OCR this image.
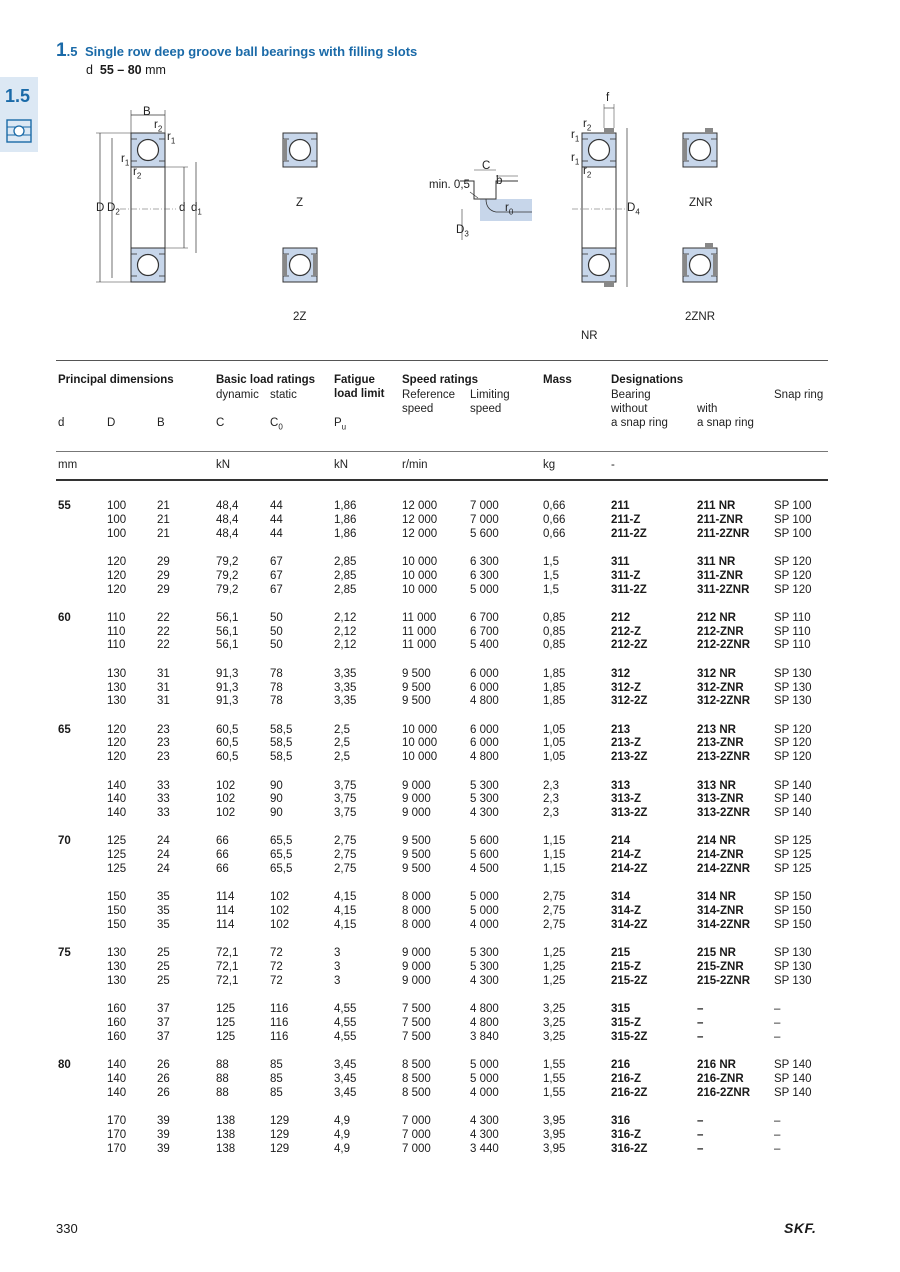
1.5 Single row deep groove ball bearings with filling slots
d 55 – 80 mm
1.5
B
$r_2$
$r_1$
$r_1$
$r_2$
D $D_2$	d $d_1$
Z
2Z
C
b
min. 0,5
$r_0$
$D_3$
f
$r_2$
$r_1$
$r_1$
$r_2$
$D_4$
ZNR
2ZNR
NR
Principal dimensions	Basic load ratings
dynamic static
Fatigue
load limit
Speed ratings
Reference
speed
Limiting
speed
Mass	Designations
Bearing
without
a snap ring
with
a snap ring
Snap ring
d	D	B	C	$C_0$	$P_u$
mm	kN	kN	r/min	kg	-
55	100	21	48,4	44	1,86	12 000	7 000	0,66	211	211 NR	SP 100
100	21	48,4	44	1,86	12 000	7 000	0,66	211-Z	211-ZNR	SP 100
100	21	48,4	44	1,86	12 000	5 600	0,66	211-2Z	211-2ZNR SP 100
120	29	79,2	67	2,85	10 000	6 300	1,5	311	311 NR	SP 120
120	29	79,2	67	2,85	10 000	6 300	1,5	311-Z	311-ZNR	SP 120
120	29	79,2	67	2,85	10 000	5 000	1,5	311-2Z	311-2ZNR SP 120
60	110	22	56,1	50	2,12	11 000	6 700	0,85	212	212 NR	SP 110
110	22	56,1	50	2,12	11 000	6 700	0,85	212-Z	212-ZNR	SP 110
110	22	56,1	50	2,12	11 000	5 400	0,85	212-2Z	212-2ZNR SP 110
130	31	91,3	78	3,35	9 500	6 000	1,85	312	312 NR	SP 130
130	31	91,3	78	3,35	9 500	6 000	1,85	312-Z	312-ZNR	SP 130
130	31	91,3	78	3,35	9 500	4 800	1,85	312-2Z	312-2ZNR SP 130
65	120	23	60,5	58,5	2,5	10 000	6 000	1,05	213	213 NR	SP 120
120	23	60,5	58,5	2,5	10 000	6 000	1,05	213-Z	213-ZNR	SP 120
120	23	60,5	58,5	2,5	10 000	4 800	1,05	213-2Z	213-2ZNR SP 120
140	33	102	90	3,75	9 000	5 300	2,3	313	313 NR	SP 140
140	33	102	90	3,75	9 000	5 300	2,3	313-Z	313-ZNR	SP 140
140	33	102	90	3,75	9 000	4 300	2,3	313-2Z	313-2ZNR SP 140
70	125	24	66	65,5	2,75	9 500	5 600	1,15	214	214 NR	SP 125
125	24	66	65,5	2,75	9 500	5 600	1,15	214-Z	214-ZNR	SP 125
125	24	66	65,5	2,75	9 500	4 500	1,15	214-2Z	214-2ZNR SP 125
150	35	114	102	4,15	8 000	5 000	2,75	314	314 NR	SP 150
150	35	114	102	4,15	8 000	5 000	2,75	314-Z	314-ZNR	SP 150
150	35	114	102	4,15	8 000	4 000	2,75	314-2Z	314-2ZNR SP 150
75	130	25	72,1	72	3	9 000	5 300	1,25	215	215 NR	SP 130
130	25	72,1	72	3	9 000	5 300	1,25	215-Z	215-ZNR	SP 130
130	25	72,1	72	3	9 000	4 300	1,25	215-2Z	215-2ZNR SP 130
160	37	125	116	4,55	7 500	4 800	3,25	315	–	–
160	37	125	116	4,55	7 500	4 800	3,25	315-Z	–	–
160	37	125	116	4,55	7 500	3 840	3,25	315-2Z	–	–
80	140	26	88	85	3,45	8 500	5 000	1,55	216	216 NR	SP 140
140	26	88	85	3,45	8 500	5 000	1,55	216-Z	216-ZNR	SP 140
140	26	88	85	3,45	8 500	4 000	1,55	216-2Z	216-2ZNR SP 140
170	39	138	129	4,9	7 000	4 300	3,95	316	–	–
170	39	138	129	4,9	7 000	4 300	3,95	316-Z	–	–
170	39	138	129	4,9	7 000	3 440	3,95	316-2Z	–	–
330	SKF.
